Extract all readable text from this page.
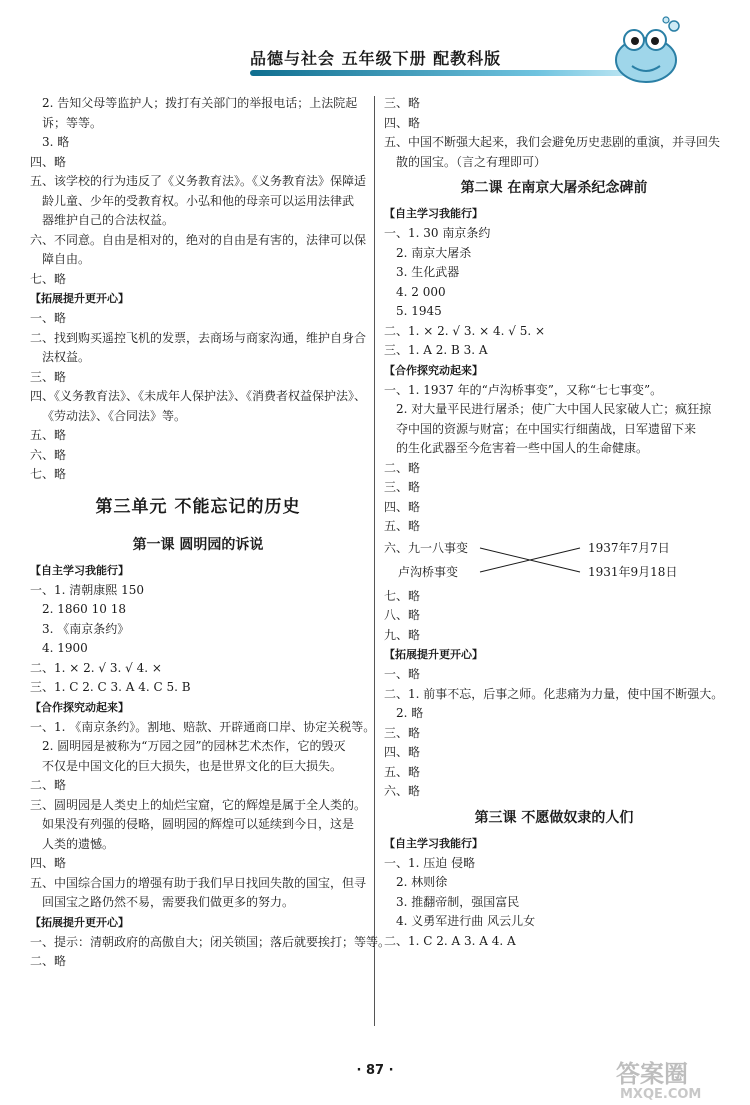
品德与社会 五年级下册 配教科版
2. 告知父母等监护人；拨打有关部门的举报电话；上法院起
诉；等等。
3. 略
四、略
五、该学校的行为违反了《义务教育法》。《义务教育法》保障适
龄儿童、少年的受教育权。小弘和他的母亲可以运用法律武
器维护自己的合法权益。
六、不同意。自由是相对的，绝对的自由是有害的，法律可以保
障自由。
七、略
【拓展提升更开心】
一、略
二、找到购买遥控飞机的发票，去商场与商家沟通，维护自身合
法权益。
三、略
四、《义务教育法》、《未成年人保护法》、《消费者权益保护法》、
《劳动法》、《合同法》等。
五、略
六、略
七、略
第三单元 不能忘记的历史
第一课 圆明园的诉说
【自主学习我能行】
一、1. 清朝康熙 150
2. 1860 10 18
3. 《南京条约》
4. 1900
二、1. × 2. √ 3. √ 4. ×
三、1. C 2. C 3. A 4. C 5. B
【合作探究动起来】
一、1. 《南京条约》。割地、赔款、开辟通商口岸、协定关税等。
2. 圆明园是被称为“万园之园”的园林艺术杰作，它的毁灭
不仅是中国文化的巨大损失，也是世界文化的巨大损失。
二、略
三、圆明园是人类史上的灿烂宝窟，它的辉煌是属于全人类的。
如果没有列强的侵略，圆明园的辉煌可以延续到今日，这是
人类的遗憾。
四、略
五、中国综合国力的增强有助于我们早日找回失散的国宝，但寻
回国宝之路仍然不易，需要我们做更多的努力。
【拓展提升更开心】
一、提示：清朝政府的高傲自大；闭关锁国；落后就要挨打；等等。
二、略
三、略
四、略
五、中国不断强大起来，我们会避免历史悲剧的重演，并寻回失
散的国宝。（言之有理即可）
第二课 在南京大屠杀纪念碑前
【自主学习我能行】
一、1. 30 南京条约
2. 南京大屠杀
3. 生化武器
4. 2 000
5. 1945
二、1. × 2. √ 3. × 4. √ 5. ×
三、1. A 2. B 3. A
【合作探究动起来】
一、1. 1937 年的“卢沟桥事变”，又称“七七事变”。
2. 对大量平民进行屠杀；使广大中国人民家破人亡；疯狂掠
夺中国的资源与财富；在中国实行细菌战，日军遗留下来
的生化武器至今危害着一些中国人的生命健康。
二、略
三、略
四、略
五、略
六、 九一八事变
卢沟桥事变
1937年7月7日
1931年9月18日
七、略
八、略
九、略
【拓展提升更开心】
一、略
二、1. 前事不忘，后事之师。化悲痛为力量，使中国不断强大。
2. 略
三、略
四、略
五、略
六、略
第三课 不愿做奴隶的人们
【自主学习我能行】
一、1. 压迫 侵略
2. 林则徐
3. 推翻帝制，强国富民
4. 义勇军进行曲 风云儿女
二、1. C 2. A 3. A 4. A
· 87 ·	答案圈
MXQE.COM
